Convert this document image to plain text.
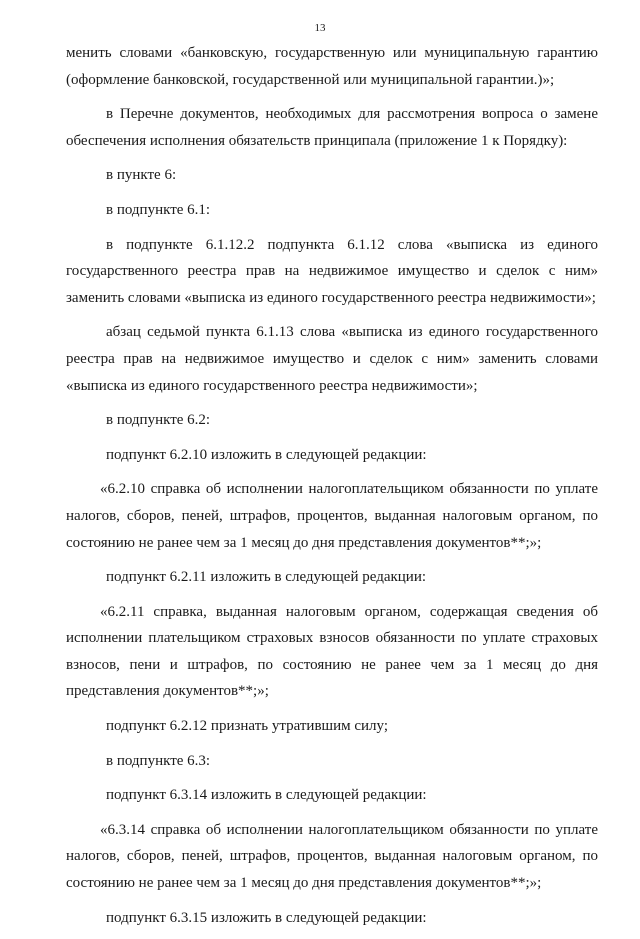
13

менить словами «банковскую, государственную или муниципальную гарантию (оформление банковской, государственной или муниципальной гарантии.)»;

в Перечне документов, необходимых для рассмотрения вопроса о замене обеспечения исполнения обязательств принципала (приложение 1 к Порядку):

в пункте 6:

в подпункте 6.1:

в подпункте 6.1.12.2 подпункта 6.1.12 слова «выписка из единого государственного реестра прав на недвижимое имущество и сделок с ним» заменить словами «выписка из единого государственного реестра недвижимости»;

абзац седьмой пункта 6.1.13 слова «выписка из единого государственного реестра прав на недвижимое имущество и сделок с ним» заменить словами «выписка из единого государственного реестра недвижимости»;

в подпункте 6.2:

подпункт 6.2.10 изложить в следующей редакции:

«6.2.10 справка об исполнении налогоплательщиком обязанности по уплате налогов, сборов, пеней, штрафов, процентов, выданная налоговым органом, по состоянию не ранее чем за 1 месяц до дня представления документов**;»;

подпункт 6.2.11 изложить в следующей редакции:

«6.2.11 справка, выданная налоговым органом, содержащая сведения об исполнении плательщиком страховых взносов обязанности по уплате страховых взносов, пени и штрафов, по состоянию не ранее чем за 1 месяц до дня представления документов**;»;

подпункт 6.2.12 признать утратившим силу;

в подпункте 6.3:

подпункт 6.3.14 изложить в следующей редакции:

«6.3.14 справка об исполнении налогоплательщиком обязанности по уплате налогов, сборов, пеней, штрафов, процентов, выданная налоговым органом, по состоянию не ранее чем за 1 месяц до дня представления документов**;»;

подпункт 6.3.15 изложить в следующей редакции:
